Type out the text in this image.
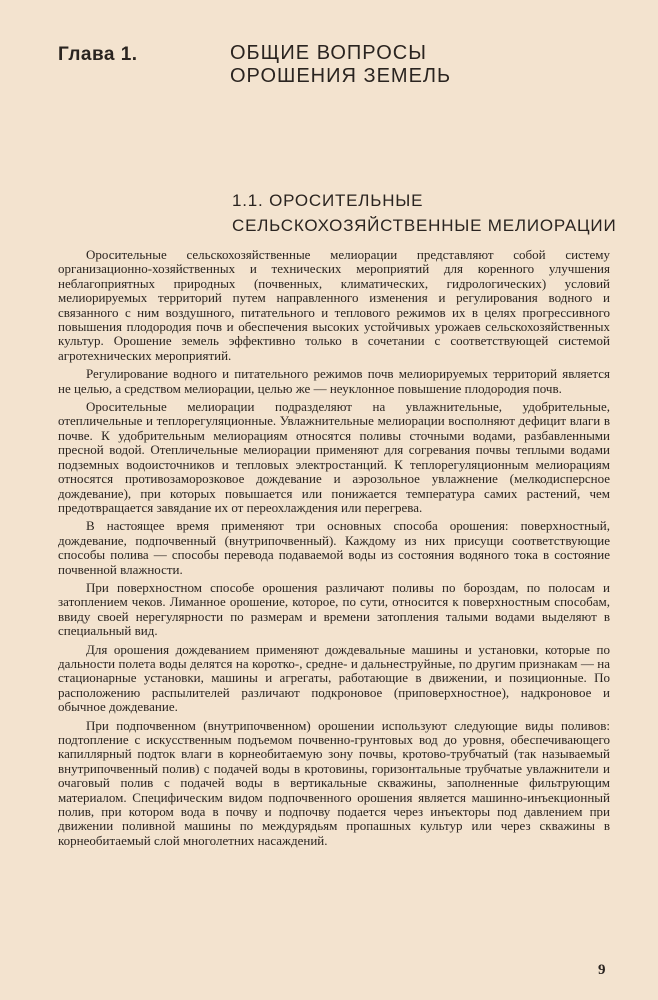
Глава 1.	ОБЩИЕ ВОПРОСЫ
ОРОШЕНИЯ ЗЕМЕЛЬ
1.1. ОРОСИТЕЛЬНЫЕ
СЕЛЬСКОХОЗЯЙСТВЕННЫЕ МЕЛИОРАЦИИ

Оросительные сельскохозяйственные мелиорации представляют собой систему организационно-хозяйственных и технических мероприятий для коренного улучшения неблагоприятных природных (почвенных, климатических, гидрологических) условий мелиорируемых территорий путем направленного изменения и регулирования водного и связанного с ним воздушного, питательного и теплового режимов их в целях прогрессивного повышения плодородия почв и обеспечения высоких устойчивых урожаев сельскохозяйственных культур. Орошение земель эффективно только в сочетании с соответствующей системой агротехнических мероприятий.

Регулирование водного и питательного режимов почв мелиорируемых территорий является не целью, а средством мелиорации, целью же — неуклонное повышение плодородия почв.

Оросительные мелиорации подразделяют на увлажнительные, удобрительные, отепличельные и теплорегуляционные. Увлажнительные мелиорации восполняют дефицит влаги в почве. К удобрительным мелиорациям относятся поливы сточными водами, разбавленными пресной водой. Отепличельные мелиорации применяют для согревания почвы теплыми водами подземных водоисточников и тепловых электростанций. К теплорегуляционным мелиорациям относятся противозаморозковое дождевание и аэрозольное увлажнение (мелкодисперсное дождевание), при которых повышается или понижается температура самих растений, чем предотвращается завядание их от переохлаждения или перегрева.

В настоящее время применяют три основных способа орошения: поверхностный, дождевание, подпочвенный (внутрипочвенный). Каждому из них присущи соответствующие способы полива — способы перевода подаваемой воды из состояния водяного тока в состояние почвенной влажности.

При поверхностном способе орошения различают поливы по бороздам, по полосам и затоплением чеков. Лиманное орошение, которое, по сути, относится к поверхностным способам, ввиду своей нерегулярности по размерам и времени затопления талыми водами выделяют в специальный вид.

Для орошения дождеванием применяют дождевальные машины и установки, которые по дальности полета воды делятся на коротко-, средне- и дальнеструйные, по другим признакам — на стационарные установки, машины и агрегаты, работающие в движении, и позиционные. По расположению распылителей различают подкроновое (приповерхностное), надкроновое и обычное дождевание.

При подпочвенном (внутрипочвенном) орошении используют следующие виды поливов: подтопление с искусственным подъемом почвенно-грунтовых вод до уровня, обеспечивающего капиллярный подток влаги в корнеобитаемую зону почвы, кротово-трубчатый (так называемый внутрипочвенный полив) с подачей воды в кротовины, горизонтальные трубчатые увлажнители и очаговый полив с подачей воды в вертикальные скважины, заполненные фильтрующим материалом. Специфическим видом подпочвенного орошения является машинно-инъекционный полив, при котором вода в почву и подпочву подается через инъекторы под давлением при движении поливной машины по междурядьям пропашных культур или через скважины в корнеобитаемый слой многолетних насаждений.

9
